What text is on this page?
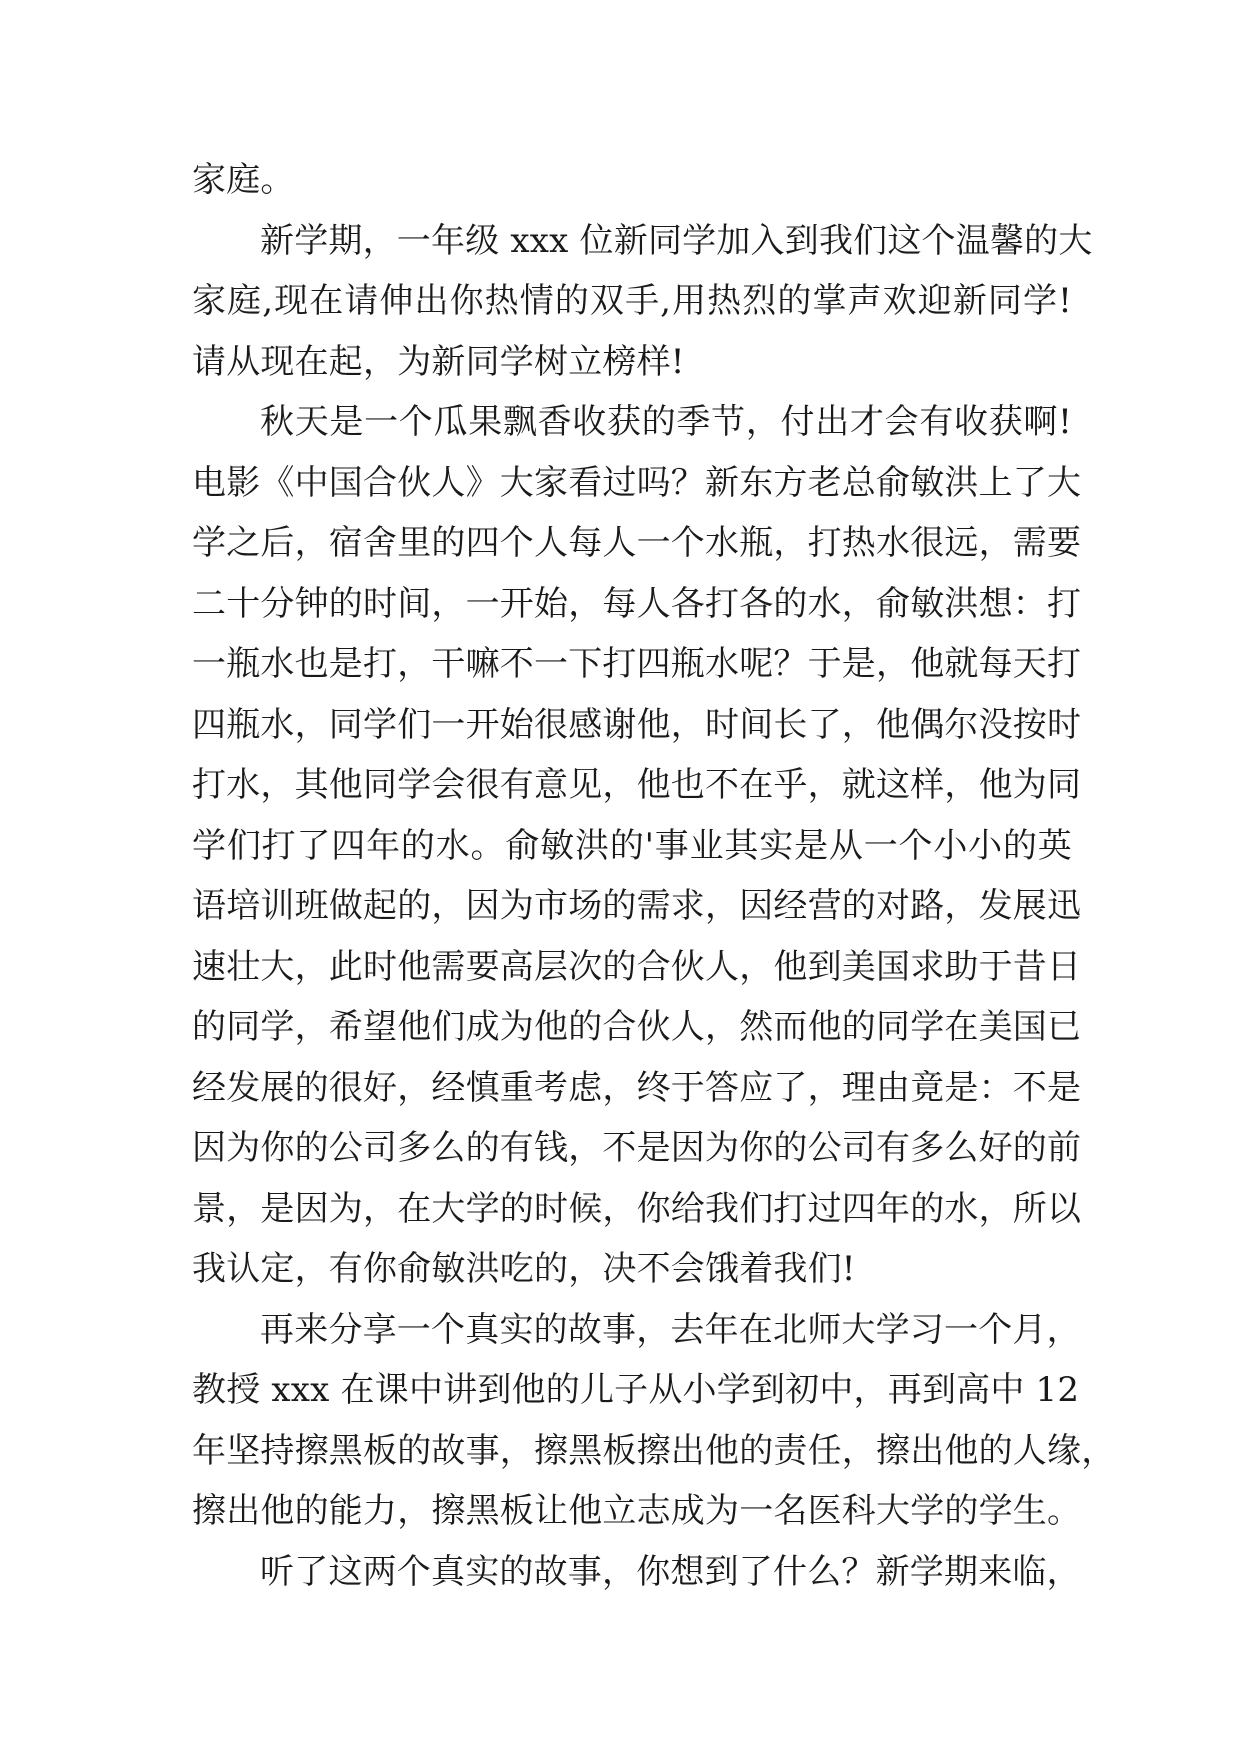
家庭。
新学期，一年级 xxx 位新同学加入到我们这个温馨的大
家庭,现在请伸出你热情的双手,用热烈的掌声欢迎新同学!
请从现在起，为新同学树立榜样!
秋天是一个瓜果飘香收获的季节，付出才会有收获啊!
电影《中国合伙人》大家看过吗？新东方老总俞敏洪上了大
学之后，宿舍里的四个人每人一个水瓶，打热水很远，需要
二十分钟的时间，一开始，每人各打各的水，俞敏洪想：打
一瓶水也是打，干嘛不一下打四瓶水呢？于是，他就每天打
四瓶水，同学们一开始很感谢他，时间长了，他偶尔没按时
打水，其他同学会很有意见，他也不在乎，就这样，他为同
学们打了四年的水。俞敏洪的'事业其实是从一个小小的英
语培训班做起的，因为市场的需求，因经营的对路，发展迅
速壮大，此时他需要高层次的合伙人，他到美国求助于昔日
的同学，希望他们成为他的合伙人，然而他的同学在美国已
经发展的很好，经慎重考虑，终于答应了，理由竟是：不是
因为你的公司多么的有钱，不是因为你的公司有多么好的前
景，是因为，在大学的时候，你给我们打过四年的水，所以
我认定，有你俞敏洪吃的，决不会饿着我们!
再来分享一个真实的故事，去年在北师大学习一个月，
教授 xxx 在课中讲到他的儿子从小学到初中，再到高中 12
年坚持擦黑板的故事，擦黑板擦出他的责任，擦出他的人缘，
擦出他的能力，擦黑板让他立志成为一名医科大学的学生。
听了这两个真实的故事，你想到了什么？新学期来临，
